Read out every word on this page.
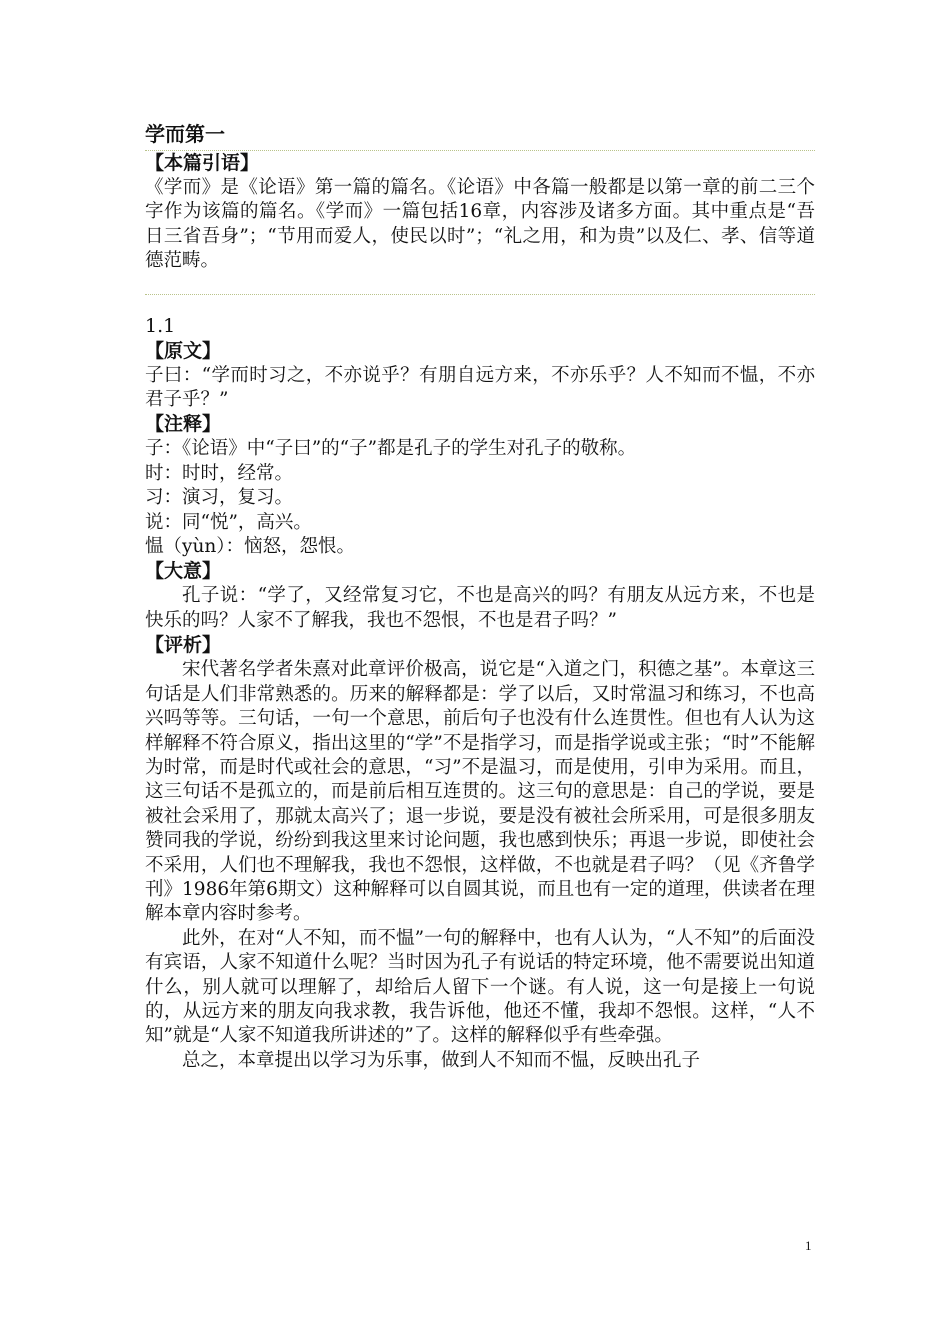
学而第一
【本篇引语】
《学而》是《论语》第一篇的篇名。《论语》中各篇一般都是以第一章的前二三个字作为该篇的篇名。《学而》一篇包括16章，内容涉及诸多方面。其中重点是“吾日三省吾身”；“节用而爱人，使民以时”；“礼之用，和为贵”以及仁、孝、信等道德范畴。
1.1
【原文】
子曰：“学而时习之，不亦说乎？有朋自远方来，不亦乐乎？人不知而不愠，不亦君子乎？”
【注释】
子：《论语》中“子曰”的“子”都是孔子的学生对孔子的敬称。
时：时时，经常。
习：演习，复习。
说：同“悦”，高兴。
愠（yùn）：恼怒，怨恨。
【大意】
孔子说：“学了，又经常复习它，不也是高兴的吗？有朋友从远方来，不也是快乐的吗？人家不了解我，我也不怨恨，不也是君子吗？”
【评析】
宋代著名学者朱熹对此章评价极高，说它是“入道之门，积德之基”。本章这三句话是人们非常熟悉的。历来的解释都是：学了以后，又时常温习和练习，不也高兴吗等等。三句话，一句一个意思，前后句子也没有什么连贯性。但也有人认为这样解释不符合原义，指出这里的“学”不是指学习，而是指学说或主张；“时”不能解为时常，而是时代或社会的意思，“习”不是温习，而是使用，引申为采用。而且，这三句话不是孤立的，而是前后相互连贯的。这三句的意思是：自己的学说，要是被社会采用了，那就太高兴了；退一步说，要是没有被社会所采用，可是很多朋友赞同我的学说，纷纷到我这里来讨论问题，我也感到快乐；再退一步说，即使社会不采用，人们也不理解我，我也不怨恨，这样做，不也就是君子吗？（见《齐鲁学刊》1986年第6期文）这种解释可以自圆其说，而且也有一定的道理，供读者在理解本章内容时参考。
此外，在对“人不知，而不愠”一句的解释中，也有人认为，“人不知”的后面没有宾语，人家不知道什么呢？当时因为孔子有说话的特定环境，他不需要说出知道什么，别人就可以理解了，却给后人留下一个谜。有人说，这一句是接上一句说的，从远方来的朋友向我求教，我告诉他，他还不懂，我却不怨恨。这样，“人不知”就是“人家不知道我所讲述的”了。这样的解释似乎有些牵强。
总之，本章提出以学习为乐事，做到人不知而不愠，反映出孔子
1
